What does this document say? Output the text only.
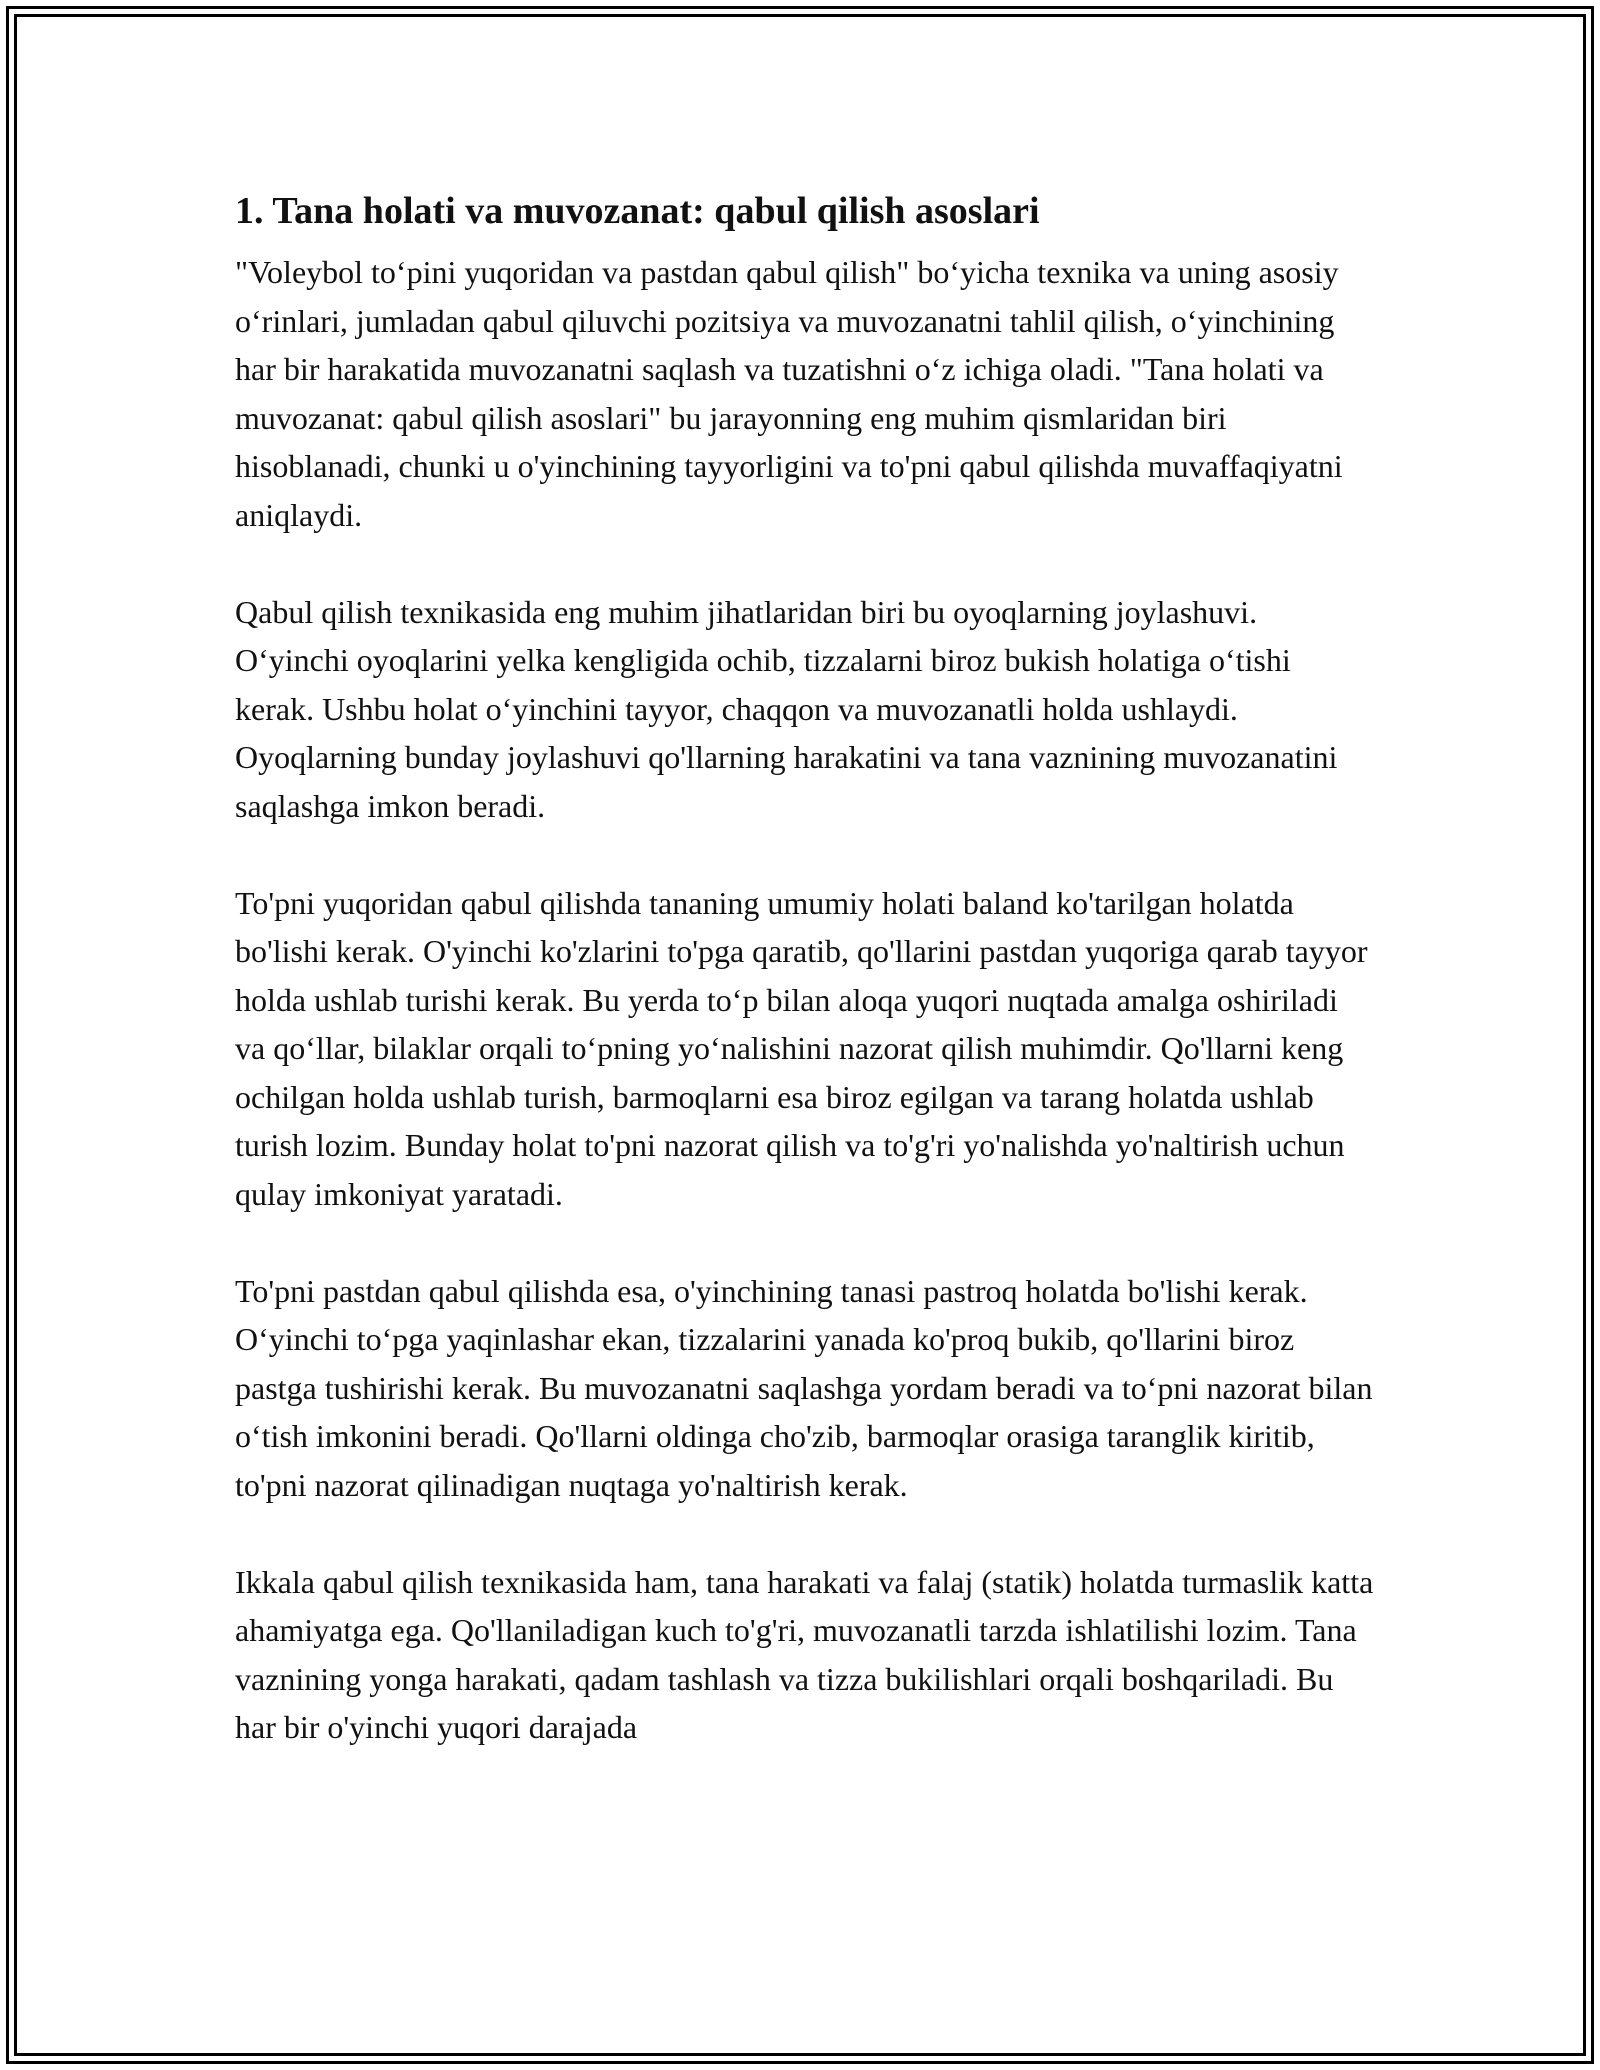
1. Tana holati va muvozanat: qabul qilish asoslari

"Voleybol to‘pini yuqoridan va pastdan qabul qilish" bo‘yicha texnika va uning asosiy o‘rinlari, jumladan qabul qiluvchi pozitsiya va muvozanatni tahlil qilish, o‘yinchining har bir harakatida muvozanatni saqlash va tuzatishni o‘z ichiga oladi. "Tana holati va muvozanat: qabul qilish asoslari" bu jarayonning eng muhim qismlaridan biri hisoblanadi, chunki u o'yinchining tayyorligini va to'pni qabul qilishda muvaffaqiyatni aniqlaydi.

Qabul qilish texnikasida eng muhim jihatlaridan biri bu oyoqlarning joylashuvi. O‘yinchi oyoqlarini yelka kengligida ochib, tizzalarni biroz bukish holatiga o‘tishi kerak. Ushbu holat o‘yinchini tayyor, chaqqon va muvozanatli holda ushlaydi. Oyoqlarning bunday joylashuvi qo'llarning harakatini va tana vaznining muvozanatini saqlashga imkon beradi.

To'pni yuqoridan qabul qilishda tananing umumiy holati baland ko'tarilgan holatda bo'lishi kerak. O'yinchi ko'zlarini to'pga qaratib, qo'llarini pastdan yuqoriga qarab tayyor holda ushlab turishi kerak. Bu yerda to‘p bilan aloqa yuqori nuqtada amalga oshiriladi va qo‘llar, bilaklar orqali to‘pning yo‘nalishini nazorat qilish muhimdir. Qo'llarni keng ochilgan holda ushlab turish, barmoqlarni esa biroz egilgan va tarang holatda ushlab turish lozim. Bunday holat to'pni nazorat qilish va to'g'ri yo'nalishda yo'naltirish uchun qulay imkoniyat yaratadi.

To'pni pastdan qabul qilishda esa, o'yinchining tanasi pastroq holatda bo'lishi kerak. O‘yinchi to‘pga yaqinlashar ekan, tizzalarini yanada ko'proq bukib, qo'llarini biroz pastga tushirishi kerak. Bu muvozanatni saqlashga yordam beradi va to‘pni nazorat bilan o‘tish imkonini beradi. Qo'llarni oldinga cho'zib, barmoqlar orasiga taranglik kiritib, to'pni nazorat qilinadigan nuqtaga yo'naltirish kerak.

Ikkala qabul qilish texnikasida ham, tana harakati va falaj (statik) holatda turmaslik katta ahamiyatga ega. Qo'llaniladigan kuch to'g'ri, muvozanatli tarzda ishlatilishi lozim. Tana vaznining yonga harakati, qadam tashlash va tizza bukilishlari orqali boshqariladi. Bu har bir o'yinchi yuqori darajada
